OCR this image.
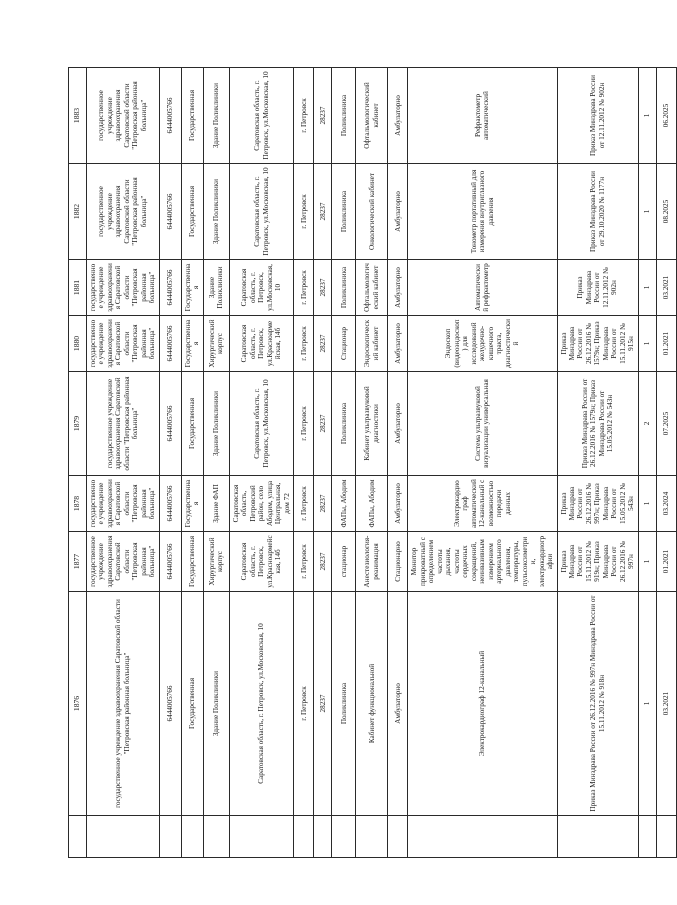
	1876	1877	1878	1879	1880	1881	1882	1883
	государственное учреждение здравоохранения Саратовской области "Петровская районная больница"	государственное учреждение здравоохранения Саратовской области "Петровская районная больница"	государственное учреждение здравоохранения Саратовской области "Петровская районная больница"	государственное учреждение здравоохранения Саратовской области "Петровская районная больница"	государственное учреждение здравоохранения Саратовской области "Петровская районная больница"	государственное учреждение здравоохранения Саратовской области "Петровская районная больница"	государственное учреждение здравоохранения Саратовской области "Петровская районная больница"	государственное учреждение здравоохранения Саратовской области "Петровская районная больница"
	6444005766	6444005766	6444005766	6444005766	6444005766	6444005766	6444005766	6444005766
	Государственная	Государственная	Государственная	Государственная	Государственная	Государственная	Государственная	Государственная
	Здание Поликлиники	Хирургический корпус	Здание ФАП	Здание Поликлиники	Хирургический корпус	Здание Поликлиники	Здание Поликлиники	Здание Поликлиники
	Саратовская область, г. Петровск, ул.Московская, 10	Саратовская область, г. Петровск, ул.Красноармейская, 14б	Саратовская область, Петровский район, село Абодим, улица Центральная, дом 72	Саратовская область, г. Петровск, ул.Московская, 10	Саратовская область, г. Петровск, ул.Красноармейская, 14б	Саратовская область, г. Петровск, ул.Московская, 10	Саратовская область, г. Петровск, ул.Московская, 10	Саратовская область, г. Петровск, ул.Московская, 10
	г. Петровск	г. Петровск	г. Петровск	г. Петровск	г. Петровск	г. Петровск	г. Петровск	г. Петровск
	28237	28237	28237	28237	28237	28237	28237	28237
	Поликлиника	стационар	ФАПы, Абодим	Поликлиника	Стационар	Поликлиника	Поликлиника	Поликлиника
	Кабинет функциональной	Анестезиология-реанимация	ФАПы, Абодим	Кабинет ультразвуковой диагностики	Эндоскопический кабинет	Офтальмологический кабинет	Онкологический кабинет	Офтальмологический кабинет
	Амбулаторно	Стационарно	Амбулаторно	Амбулаторно	Амбулаторно	Амбулаторно	Амбулаторно	Амбулаторно
	Электрокардиограф 12-канальный	Монитор прикроватный с определением частоты дыхания, частоты сердечных сокращений, неинвазивным измерением артериального давления, температуры, пульсоксиметрии, электрокардиографии	Электрокардиограф автоматический 12-канальный с возможностью передачи данных	Система ультразвуковой визуализации универсальная	Эндоскоп (видеоэндоскоп) для исследований желудочно-кишечного тракта, диагностический	Автоматический рефрактометр	Тонометр портативный для измерения внутриглазного давления	Рефрактометр автоматический
	Приказ Минздрава России от 26.12.2016 № 997н Минздрава России от 15.11.2012 № 918н	Приказ Минздрава России от 15.11.2012 № 919н; Приказ Минздрава России от 26.12.2016 № 997н	Приказ Минздрава России от 26.12.2016 № 997н; Приказ Минздрава России от 15.05.2012 № 543н	Приказ Минздрава России от 26.12.2016 № 1579н; Приказ Минздрава России от 15.05.2012 № 543н	Приказ Минздрава России от 26.12.2016 № 1579н; Приказ Минздрава России от 15.11.2012 № 915н	Приказ Минздрава России от 12.11.2012 № 902н	Приказ Минздрава России от 29.10.2020 № 1177н	Приказ Минздрава России от 12.11.2012 № 902н
	1	1	1	2	1	1	1	1
	03.2021	01.2021	03.2024	07.2025	01.2021	03.2021	08.2025	06.2025
